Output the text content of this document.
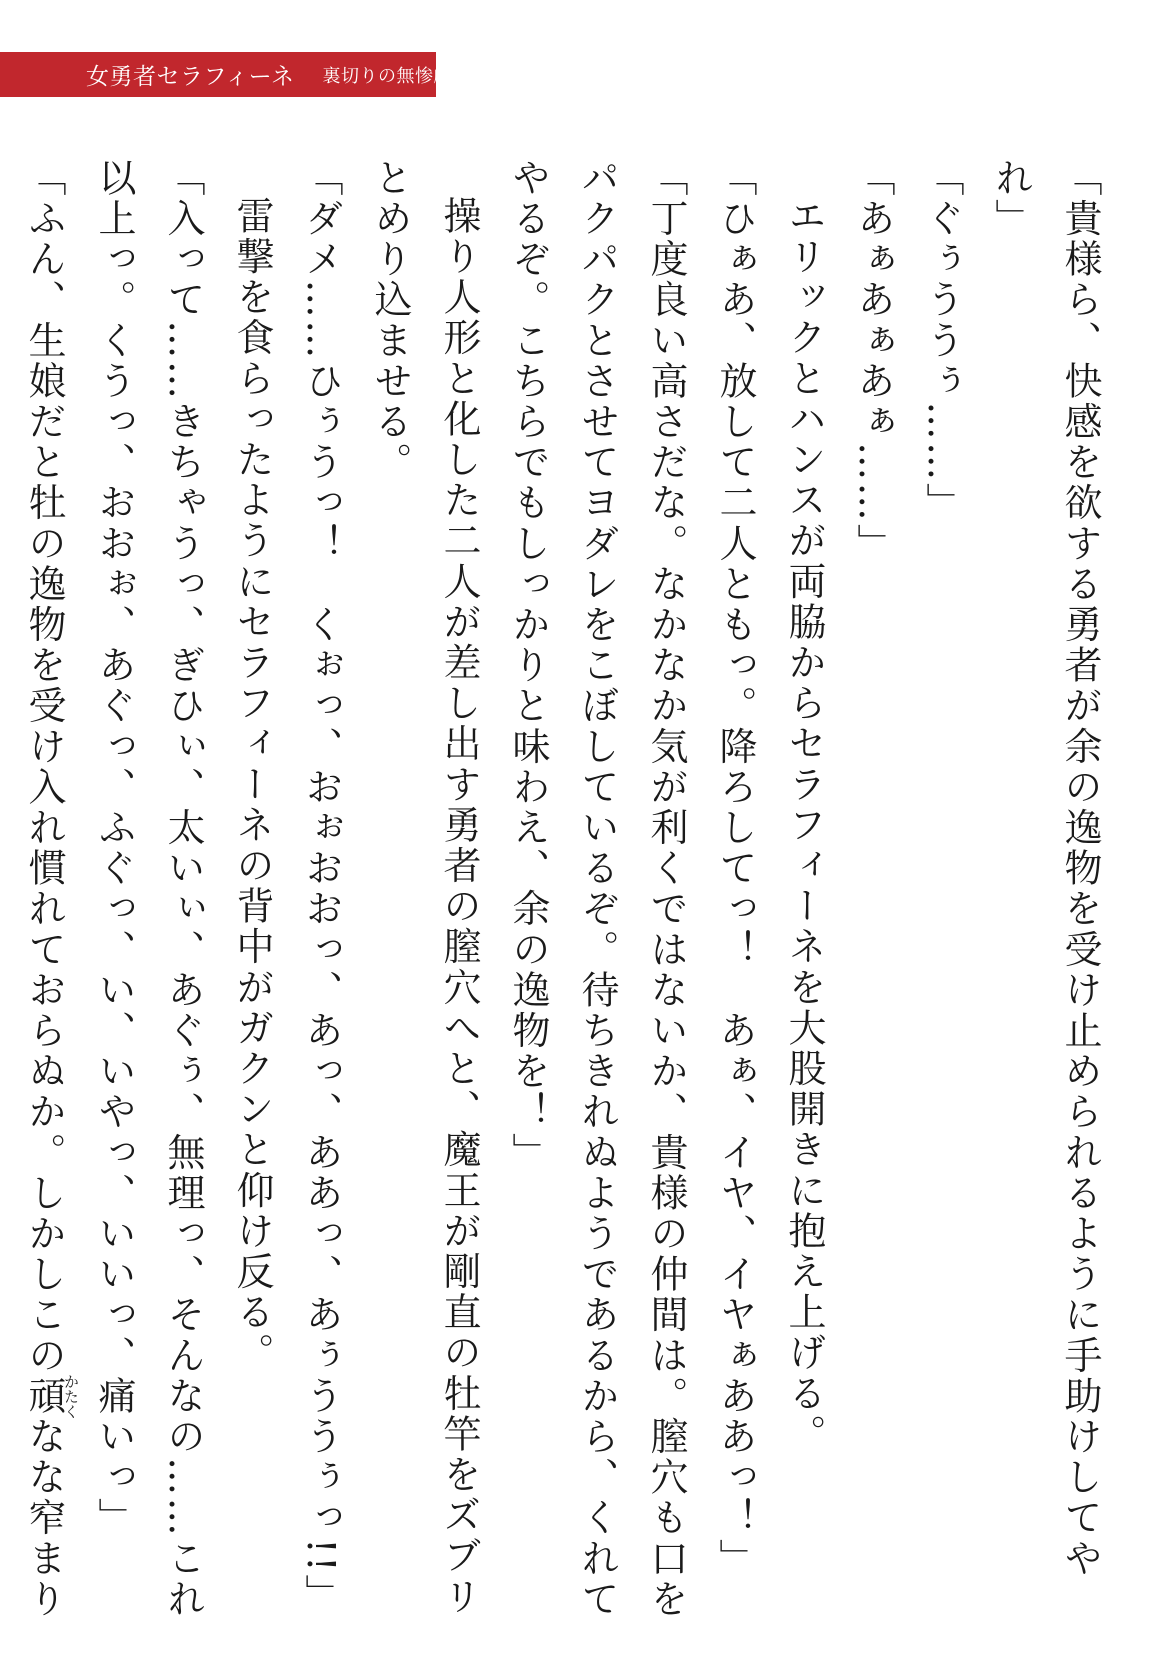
女勇者セラフィーネ 裏切りの無惨劇

「貴様ら、快感を欲する勇者が余の逸物を受け止められるように手助けしてやれ」

「ぐぅううぅ……」

「あぁあぁあぁ……」

エリックとハンスが両脇からセラフィーネを大股開きに抱え上げる。

「ひぁあ、放して二人ともっ。降ろしてっ！　あぁ、イヤ、イヤぁああっ！」

「丁度良い高さだな。なかなか気が利くではないか、貴様の仲間は。膣穴も口をパクパクとさせてヨダレをこぼしているぞ。待ちきれぬようであるから、くれてやるぞ。こちらでもしっかりと味わえ、余の逸物を！」

操り人形と化した二人が差し出す勇者の膣穴へと、魔王が剛直の牡竿をズブリとめり込ませる。

「ダメ……ひぅうっ！　くぉっ、おぉおおっ、あっ、ああっ、あぅううぅっ!!」

雷撃を食らったようにセラフィーネの背中がガクンと仰け反る。

「入って……きちゃうっ、ぎひぃ、太いぃ、あぐぅ、無理っ、そんなの……これ以上っ。くうっ、おおぉ、あぐっ、ふぐっ、い、いやっ、いいっ、痛いっ」

「ふん、生娘だと牡の逸物を受け入れ慣れておらぬか。しかしこの頑かたくなな窄まり
